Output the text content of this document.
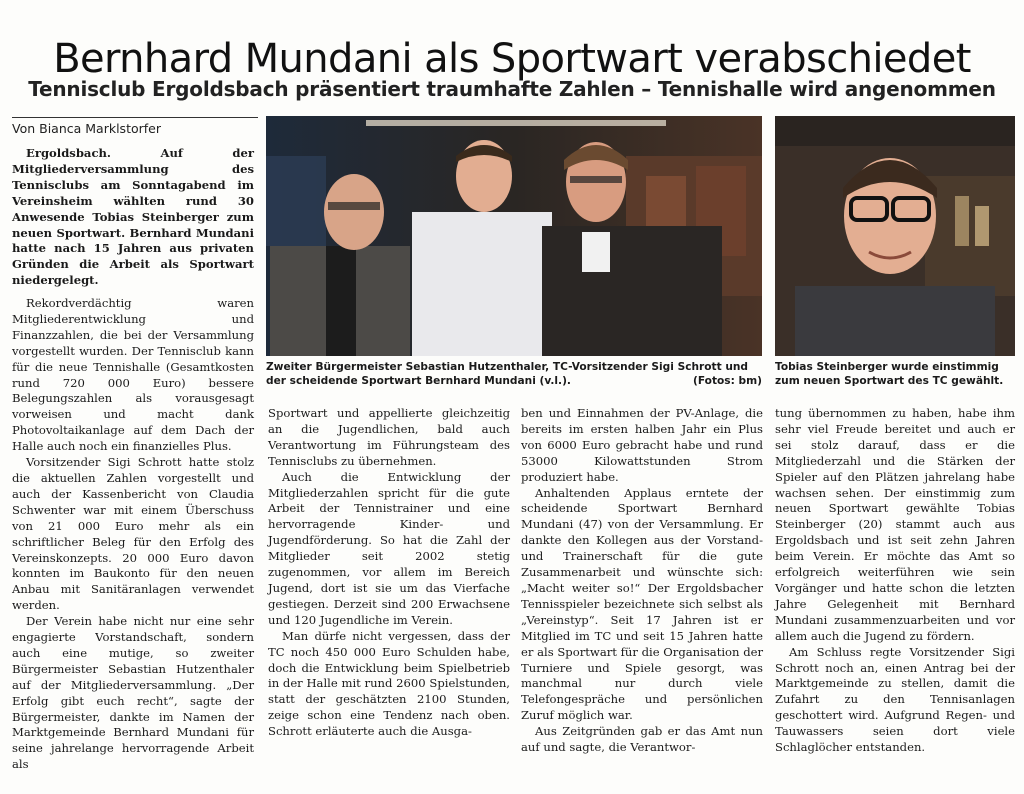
Bernhard Mundani als Sportwart verabschiedet
Tennisclub Ergoldsbach präsentiert traumhafte Zahlen – Tennishalle wird angenommen
Von Bianca Marklstorfer
Ergoldsbach. Auf der Mitgliederversammlung des Tennisclubs am Sonntagabend im Vereinsheim wählten rund 30 Anwesende Tobias Steinberger zum neuen Sportwart. Bernhard Mundani hatte nach 15 Jahren aus privaten Gründen die Arbeit als Sportwart niedergelegt.

Rekordverdächtig waren Mitgliederentwicklung und Finanzzahlen, die bei der Versammlung vorgestellt wurden. Der Tennisclub kann für die neue Tennishalle (Gesamtkosten rund 720 000 Euro) bessere Belegungszahlen als vorausgesagt vorweisen und macht dank Photovoltaikanlage auf dem Dach der Halle auch noch ein finanzielles Plus.

Vorsitzender Sigi Schrott hatte stolz die aktuellen Zahlen vorgestellt und auch der Kassenbericht von Claudia Schwenter war mit einem Überschuss von 21 000 Euro mehr als ein schriftlicher Beleg für den Erfolg des Vereinskonzepts. 20 000 Euro davon konnten im Baukonto für den neuen Anbau mit Sanitäranlagen verwendet werden.

Der Verein habe nicht nur eine sehr engagierte Vorstandschaft, sondern auch eine mutige, so zweiter Bürgermeister Sebastian Hutzenthaler auf der Mitgliederversammlung. „Der Erfolg gibt euch recht“, sagte der Bürgermeister, dankte im Namen der Marktgemeinde Bernhard Mundani für seine jahrelange hervorragende Arbeit als

Zweiter Bürgermeister Sebastian Hutzenthaler, TC-Vorsitzender Sigi Schrott und der scheidende Sportwart Bernhard Mundani (v.l.).	(Fotos: bm)
Tobias Steinberger wurde einstimmig zum neuen Sportwart des TC gewählt.

Sportwart und appellierte gleichzeitig an die Jugendlichen, bald auch Verantwortung im Führungsteam des Tennisclubs zu übernehmen.

Auch die Entwicklung der Mitgliederzahlen spricht für die gute Arbeit der Tennistrainer und eine hervorragende Kinder- und Jugendförderung. So hat die Zahl der Mitglieder seit 2002 stetig zugenommen, vor allem im Bereich Jugend, dort ist sie um das Vierfache gestiegen. Derzeit sind 200 Erwachsene und 120 Jugendliche im Verein.

Man dürfe nicht vergessen, dass der TC noch 450 000 Euro Schulden habe, doch die Entwicklung beim Spielbetrieb in der Halle mit rund 2600 Spielstunden, statt der geschätzten 2100 Stunden, zeige schon eine Tendenz nach oben. Schrott erläuterte auch die Ausga-

ben und Einnahmen der PV-Anlage, die bereits im ersten halben Jahr ein Plus von 6000 Euro gebracht habe und rund 53000 Kilowattstunden Strom produziert habe.

Anhaltenden Applaus erntete der scheidende Sportwart Bernhard Mundani (47) von der Versammlung. Er dankte den Kollegen aus der Vorstand- und Trainerschaft für die gute Zusammenarbeit und wünschte sich: „Macht weiter so!“ Der Ergoldsbacher Tennisspieler bezeichnete sich selbst als „Vereinstyp“. Seit 17 Jahren ist er Mitglied im TC und seit 15 Jahren hatte er als Sportwart für die Organisation der Turniere und Spiele gesorgt, was manchmal nur durch viele Telefongespräche und persönlichen Zuruf möglich war.

Aus Zeitgründen gab er das Amt nun auf und sagte, die Verantwor-

tung übernommen zu haben, habe ihm sehr viel Freude bereitet und auch er sei stolz darauf, dass er die Mitgliederzahl und die Stärken der Spieler auf den Plätzen jahrelang habe wachsen sehen. Der einstimmig zum neuen Sportwart gewählte Tobias Steinberger (20) stammt auch aus Ergoldsbach und ist seit zehn Jahren beim Verein. Er möchte das Amt so erfolgreich weiterführen wie sein Vorgänger und hatte schon die letzten Jahre Gelegenheit mit Bernhard Mundani zusammenzuarbeiten und vor allem auch die Jugend zu fördern.

Am Schluss regte Vorsitzender Sigi Schrott noch an, einen Antrag bei der Marktgemeinde zu stellen, damit die Zufahrt zu den Tennisanlagen geschottert wird. Aufgrund Regen- und Tauwassers seien dort viele Schlaglöcher entstanden.
